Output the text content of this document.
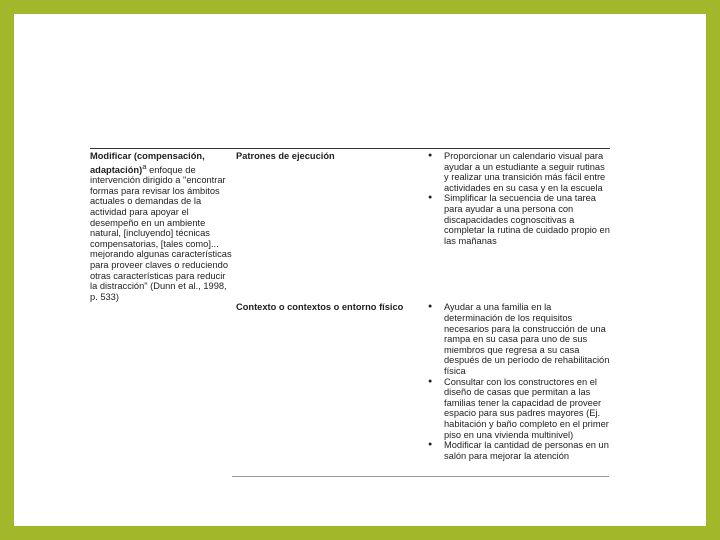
Modificar (compensación, adaptación)$^a$ enfoque de intervención dirigido a "encontrar formas para revisar los ámbitos actuales o demandas de la actividad para apoyar el desempeño en un ambiente natural, [incluyendo] técnicas compensatorias, [tales como]... mejorando algunas características para proveer claves o reduciendo otras características para reducir la distracción" (Dunn et al., 1998, p. 533)
Patrones de ejecución	● Proporcionar un calendario visual para ayudar a un estudiante a seguir rutinas y realizar una transición más fácil entre actividades en su casa y en la escuela
● Simplificar la secuencia de una tarea para ayudar a una persona con discapacidades cognoscitivas a completar la rutina de cuidado propio en las mañanas
Contexto o contextos o entorno físico	● Ayudar a una familia en la determinación de los requisitos necesarios para la construcción de una rampa en su casa para uno de sus miembros que regresa a su casa después de un período de rehabilitación física
● Consultar con los constructores en el diseño de casas que permitan a las familias tener la capacidad de proveer espacio para sus padres mayores (Ej. habitación y baño completo en el primer piso en una vivienda multinivel)
● Modificar la cantidad de personas en un salón para mejorar la atención
